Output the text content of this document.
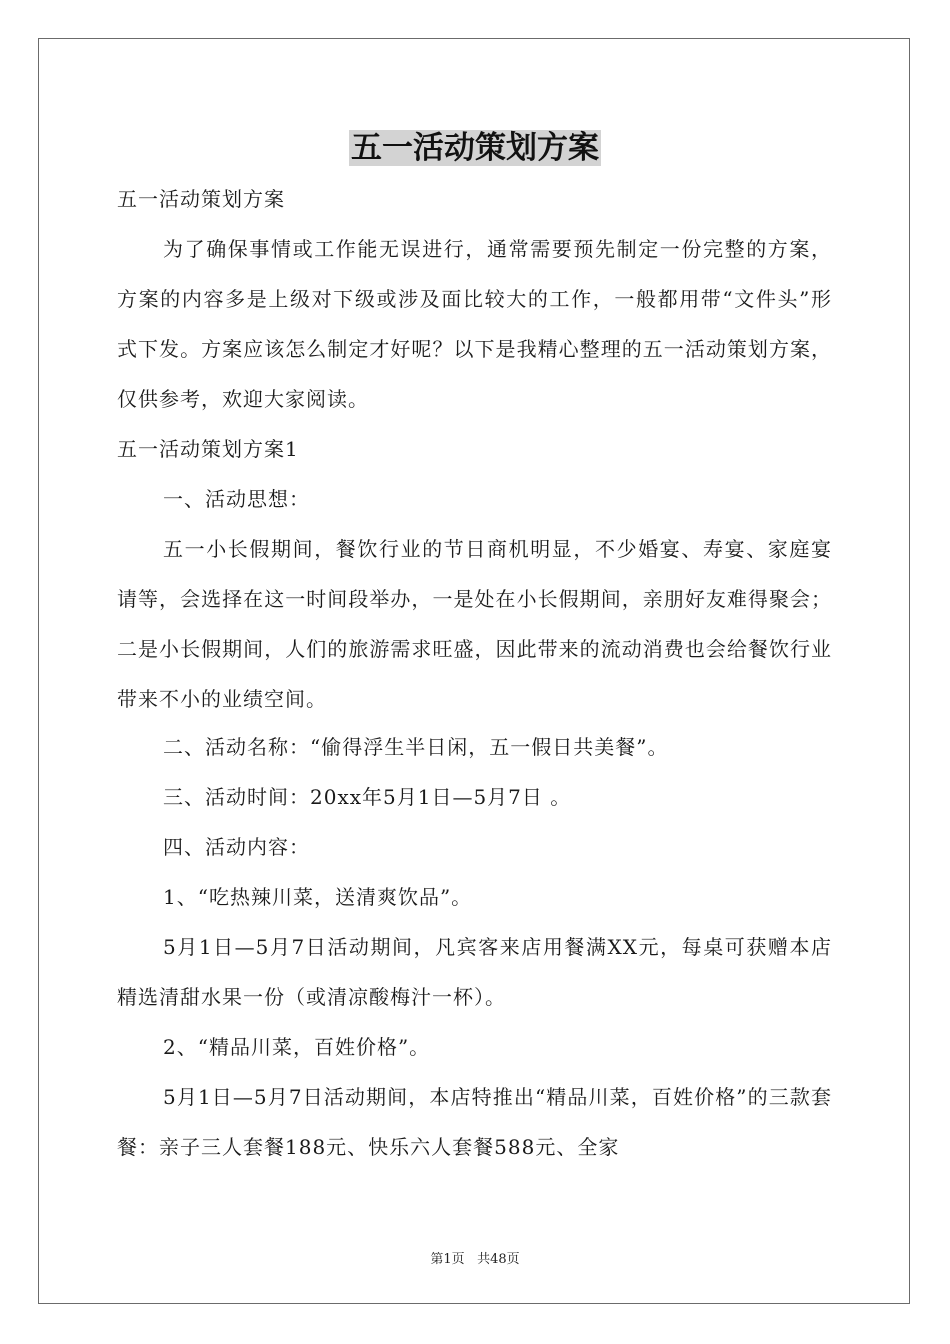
五一活动策划方案

五一活动策划方案

为了确保事情或工作能无误进行，通常需要预先制定一份完整的方案，方案的内容多是上级对下级或涉及面比较大的工作，一般都用带“文件头”形式下发。方案应该怎么制定才好呢？以下是我精心整理的五一活动策划方案，仅供参考，欢迎大家阅读。

五一活动策划方案1

一、活动思想：

五一小长假期间，餐饮行业的节日商机明显，不少婚宴、寿宴、家庭宴请等，会选择在这一时间段举办，一是处在小长假期间，亲朋好友难得聚会；二是小长假期间，人们的旅游需求旺盛，因此带来的流动消费也会给餐饮行业带来不小的业绩空间。

二、活动名称：“偷得浮生半日闲，五一假日共美餐”。

三、活动时间：20xx年5月1日—5月7日 。

四、活动内容：

1、“吃热辣川菜，送清爽饮品”。

5月1日—5月7日活动期间，凡宾客来店用餐满XX元，每桌可获赠本店精选清甜水果一份（或清凉酸梅汁一杯）。

2、“精品川菜，百姓价格”。

5月1日—5月7日活动期间，本店特推出“精品川菜，百姓价格”的三款套餐：亲子三人套餐188元、快乐六人套餐588元、全家

第1页 共48页
